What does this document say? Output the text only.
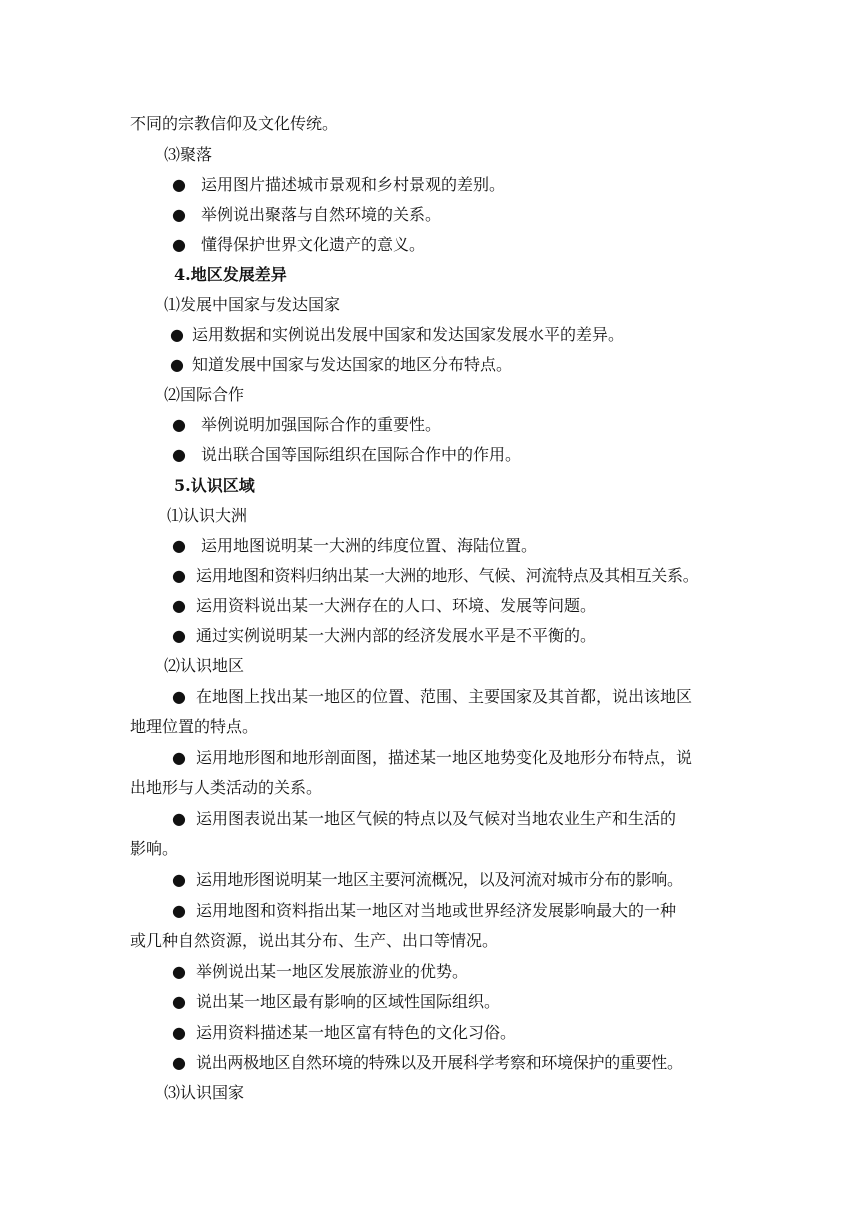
不同的宗教信仰及文化传统。
⑶聚落
● 运用图片描述城市景观和乡村景观的差别。
● 举例说出聚落与自然环境的关系。
● 懂得保护世界文化遗产的意义。
4.地区发展差异
⑴发展中国家与发达国家
● 运用数据和实例说出发展中国家和发达国家发展水平的差异。
● 知道发展中国家与发达国家的地区分布特点。
⑵国际合作
● 举例说明加强国际合作的重要性。
● 说出联合国等国际组织在国际合作中的作用。
5.认识区域
⑴认识大洲
● 运用地图说明某一大洲的纬度位置、海陆位置。
● 运用地图和资料归纳出某一大洲的地形、气候、河流特点及其相互关系。
● 运用资料说出某一大洲存在的人口、环境、发展等问题。
● 通过实例说明某一大洲内部的经济发展水平是不平衡的。
⑵认识地区
● 在地图上找出某一地区的位置、范围、主要国家及其首都，说出该地区
地理位置的特点。
● 运用地形图和地形剖面图，描述某一地区地势变化及地形分布特点，说
出地形与人类活动的关系。
● 运用图表说出某一地区气候的特点以及气候对当地农业生产和生活的
影响。
● 运用地形图说明某一地区主要河流概况，以及河流对城市分布的影响。
● 运用地图和资料指出某一地区对当地或世界经济发展影响最大的一种
或几种自然资源，说出其分布、生产、出口等情况。
● 举例说出某一地区发展旅游业的优势。
● 说出某一地区最有影响的区域性国际组织。
● 运用资料描述某一地区富有特色的文化习俗。
● 说出两极地区自然环境的特殊以及开展科学考察和环境保护的重要性。
⑶认识国家
